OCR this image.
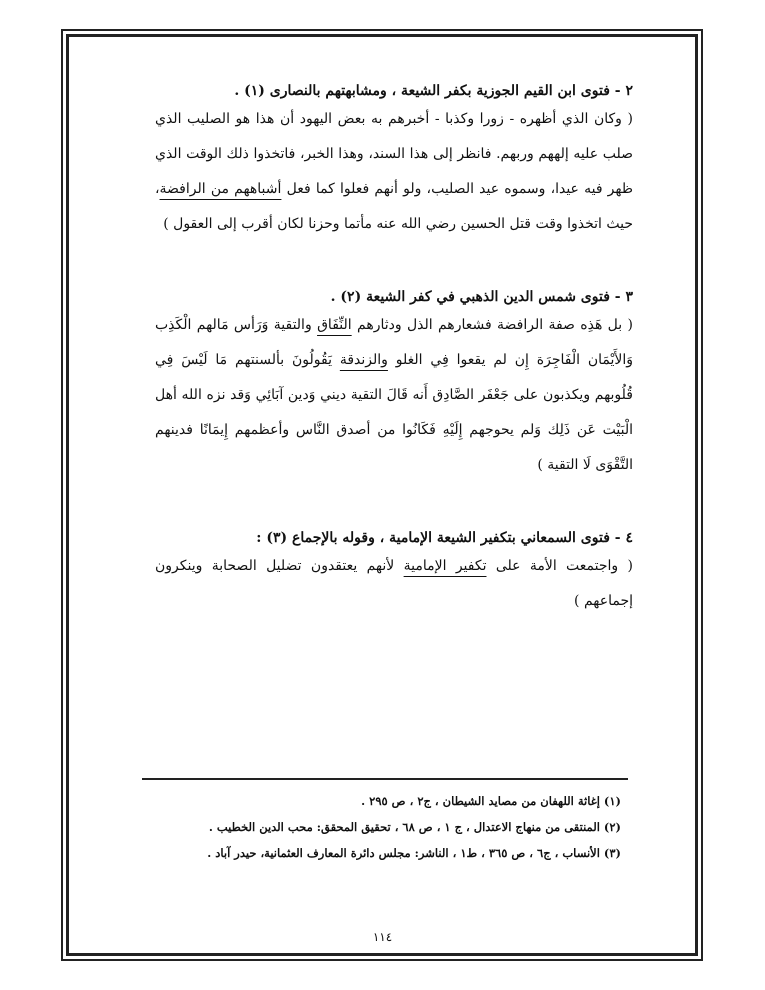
٢ - فتوى ابن القيم الجوزية بكفر الشيعة ، ومشابهتهم بالنصارى (١) .

( وكان الذي أظهره - زورا وكذبا - أخبرهم به بعض اليهود أن هذا هو الصليب الذي صلب عليه إلههم وربهم. فانظر إلى هذا السند، وهذا الخبر، فاتخذوا ذلك الوقت الذي ظهر فيه عيدا، وسموه عيد الصليب، ولو أنهم فعلوا كما فعل أشباههم من الرافضة، حيث اتخذوا وقت قتل الحسين رضي الله عنه مأتما وحزنا لكان أقرب إلى العقول )

٣ - فتوى شمس الدين الذهبي في كفر الشيعة (٢) .

( بل هَذِه صفة الرافضة فشعارهم الذل ودثارهم النِّفَاق والتقية وَرَأس مَالهم الْكَذِب وَالأَيْمَان الْفَاجِرَة إِن لم يقعوا فِي الغلو والزندقة يَقُولُونَ بألسنتهم مَا لَيْسَ فِي قُلُوبهم ويكذبون على جَعْفَر الصَّادِق أَنه قَالَ التقية ديني وَدين آبَائِي وَقد نزه الله أهل الْبَيْت عَن ذَلِك وَلم يحوجهم إِلَيْهِ فَكَانُوا من أصدق النَّاس وأعظمهم إِيمَانًا فدينهم التَّقْوَى لَا التقية )

٤ - فتوى السمعاني بتكفير الشيعة الإمامية ، وقوله بالإجماع (٣) :

( واجتمعت الأمة على تكفير الإمامية لأنهم يعتقدون تضليل الصحابة وينكرون إجماعهم )

(١) إغاثة اللهفان من مصايد الشيطان ، ج٢ ، ص ٢٩٥ .
(٢) المنتقى من منهاج الاعتدال ، ج ١ ، ص ٦٨ ، تحقيق المحقق: محب الدين الخطيب .
(٣) الأنساب ، ج٦ ، ص ٣٦٥ ، ط١ ، الناشر: مجلس دائرة المعارف العثمانية، حيدر آباد .
١١٤
